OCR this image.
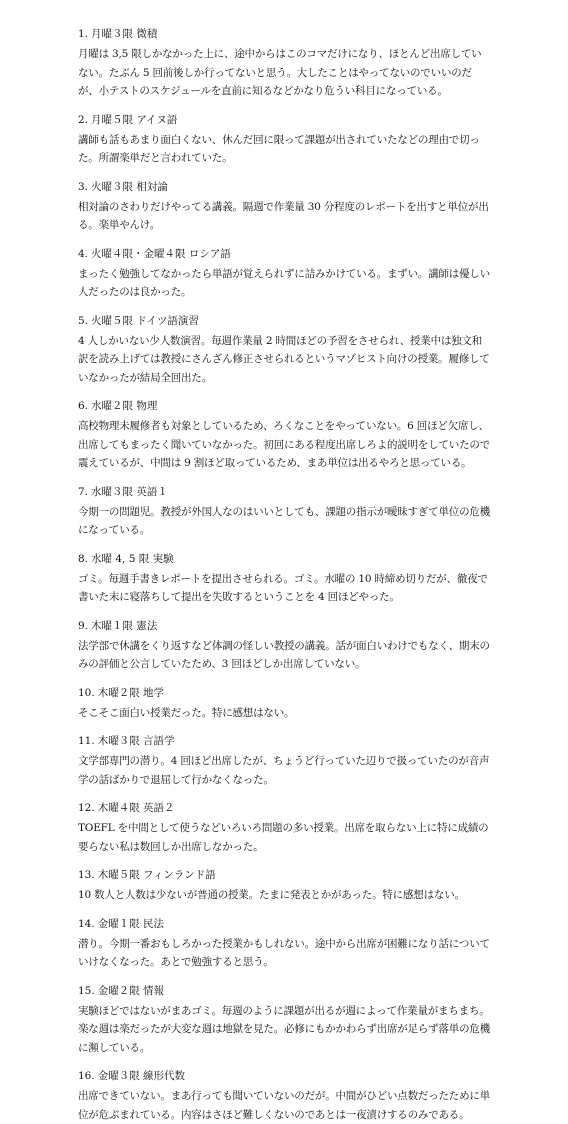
1. 月曜３限 微積

月曜は 3,5 限しかなかった上に、途中からはこのコマだけになり、ほとんど出席していない。たぶん 5 回前後しか行ってないと思う。大したことはやってないのでいいのだが、小テストのスケジュールを直前に知るなどかなり危うい科目になっている。

2. 月曜５限 アイヌ語

講師も話もあまり面白くない、休んだ回に限って課題が出されていたなどの理由で切った。所謂楽単だと言われていた。

3. 火曜３限 相対論

相対論のさわりだけやってる講義。隔週で作業量 30 分程度のレポートを出すと単位が出る。楽単やんけ。

4. 火曜４限・金曜４限 ロシア語

まったく勉強してなかったら単語が覚えられずに詰みかけている。まずい。講師は優しい人だったのは良かった。

5. 火曜５限 ドイツ語演習

4 人しかいない少人数演習。毎週作業量 2 時間ほどの予習をさせられ、授業中は独文和訳を読み上げては教授にさんざん修正させられるというマゾヒスト向けの授業。履修していなかったが結局全回出た。

6. 水曜２限 物理

高校物理未履修者も対象としているため、ろくなことをやっていない。6 回ほど欠席し、出席してもまったく聞いていなかった。初回にある程度出席しろよ的説明をしていたので震えているが、中間は 9 割ほど取っているため、まあ単位は出るやろと思っている。

7. 水曜３限 英語１

今期一の問題児。教授が外国人なのはいいとしても、課題の指示が曖昧すぎて単位の危機になっている。

8. 水曜 4, 5 限 実験

ゴミ。毎週手書きレポートを提出させられる。ゴミ。水曜の 10 時締め切りだが、徹夜で書いた末に寝落ちして提出を失敗するということを 4 回ほどやった。

9. 木曜１限 憲法

法学部で休講をくり返すなど体調の怪しい教授の講義。話が面白いわけでもなく、期末のみの評価と公言していたため、3 回ほどしか出席していない。

10. 木曜２限 地学

そこそこ面白い授業だった。特に感想はない。

11. 木曜３限 言語学

文学部専門の潜り。4 回ほど出席したが、ちょうど行っていた辺りで扱っていたのが音声学の話ばかりで退屈して行かなくなった。

12. 木曜４限 英語２

TOEFL を中間として使うなどいろいろ問題の多い授業。出席を取らない上に特に成績の要らない私は数回しか出席しなかった。

13. 木曜５限 フィンランド語

10 数人と人数は少ないが普通の授業。たまに発表とかがあった。特に感想はない。

14. 金曜１限 民法

潜り。今期一番おもしろかった授業かもしれない。途中から出席が困難になり話についていけなくなった。あとで勉強すると思う。

15. 金曜２限 情報

実験ほどではないがまあゴミ。毎週のように課題が出るが週によって作業量がまちまち。楽な週は楽だったが大変な週は地獄を見た。必修にもかかわらず出席が足らず落単の危機に瀕している。

16. 金曜３限 線形代数

出席できていない。まあ行っても聞いていないのだが。中間がひどい点数だったために単位が危ぶまれている。内容はさほど難しくないのであとは一夜漬けするのみである。
